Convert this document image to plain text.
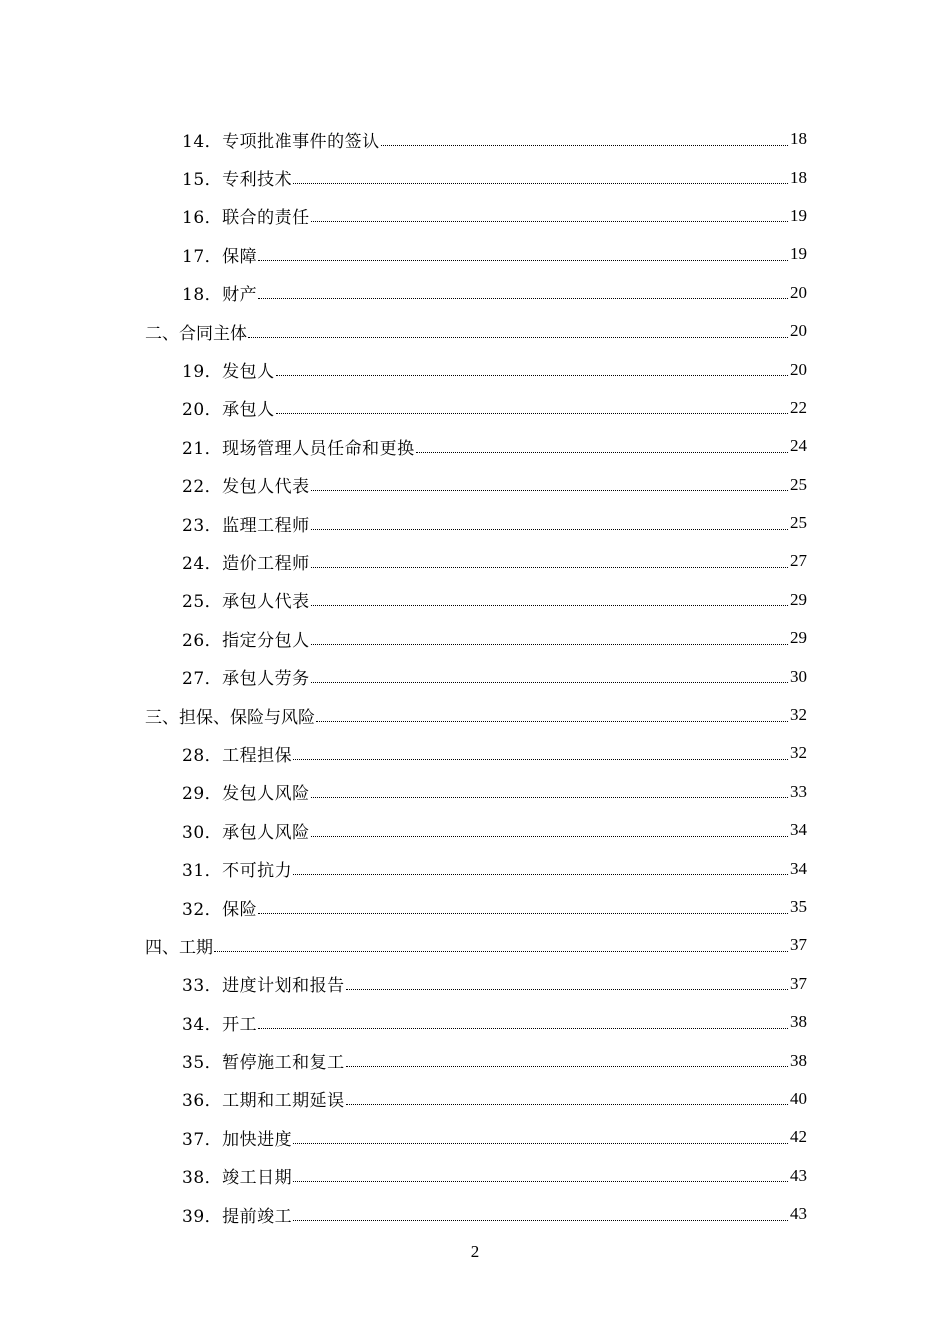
14．专项批准事件的签认	18
15．专利技术	18
16．联合的责任	19
17．保障	19
18．财产	20
二、合同主体	20
19．发包人	20
20．承包人	22
21．现场管理人员任命和更换	24
22．发包人代表	25
23．监理工程师	25
24．造价工程师	27
25．承包人代表	29
26．指定分包人	29
27．承包人劳务	30
三、担保、保险与风险	32
28．工程担保	32
29．发包人风险	33
30．承包人风险	34
31．不可抗力	34
32．保险	35
四、工期	37
33．进度计划和报告	37
34．开工	38
35．暂停施工和复工	38
36．工期和工期延误	40
37．加快进度	42
38．竣工日期	43
39．提前竣工	43
2
